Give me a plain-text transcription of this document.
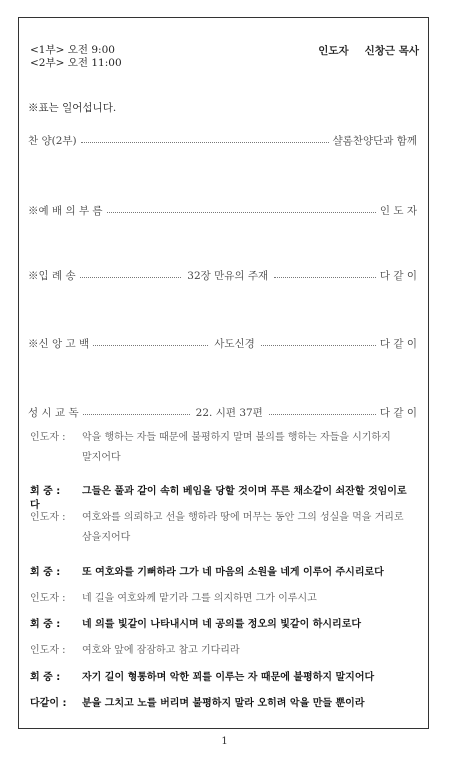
<1부> 오전 9:00
<2부> 오전 11:00
인도자 신창근 목사
※표는 일어섭니다.
찬 양(2부)	샬롬찬양단과 함께
※예 배 의 부 름	인 도 자
※입 례 송	32장 만유의 주재	다 같 이
※신 앙 고 백	사도신경	다 같 이
성 시 교 독	22. 시편 37편	다 같 이
인도자 : 악을 행하는 자들 때문에 불평하지 말며 불의를 행하는 자들을 시기하지
말지어다
회 중 : 그들은 풀과 같이 속히 베임을 당할 것이며 푸른 채소같이 쇠잔할 것임이로다
인도자 : 여호와를 의뢰하고 선을 행하라 땅에 머무는 동안 그의 성실을 먹을 거리로
삼을지어다
회 중 : 또 여호와를 기뻐하라 그가 네 마음의 소원을 네게 이루어 주시리로다
인도자 : 네 길을 여호와께 맡기라 그를 의지하면 그가 이루시고
회 중 : 네 의를 빛같이 나타내시며 네 공의를 정오의 빛같이 하시리로다
인도자 : 여호와 앞에 잠잠하고 참고 기다리라
회 중 : 자기 길이 형통하며 악한 꾀를 이루는 자 때문에 불평하지 말지어다
다같이 : 분을 그치고 노를 버리며 불평하지 말라 오히려 악을 만들 뿐이라
1
